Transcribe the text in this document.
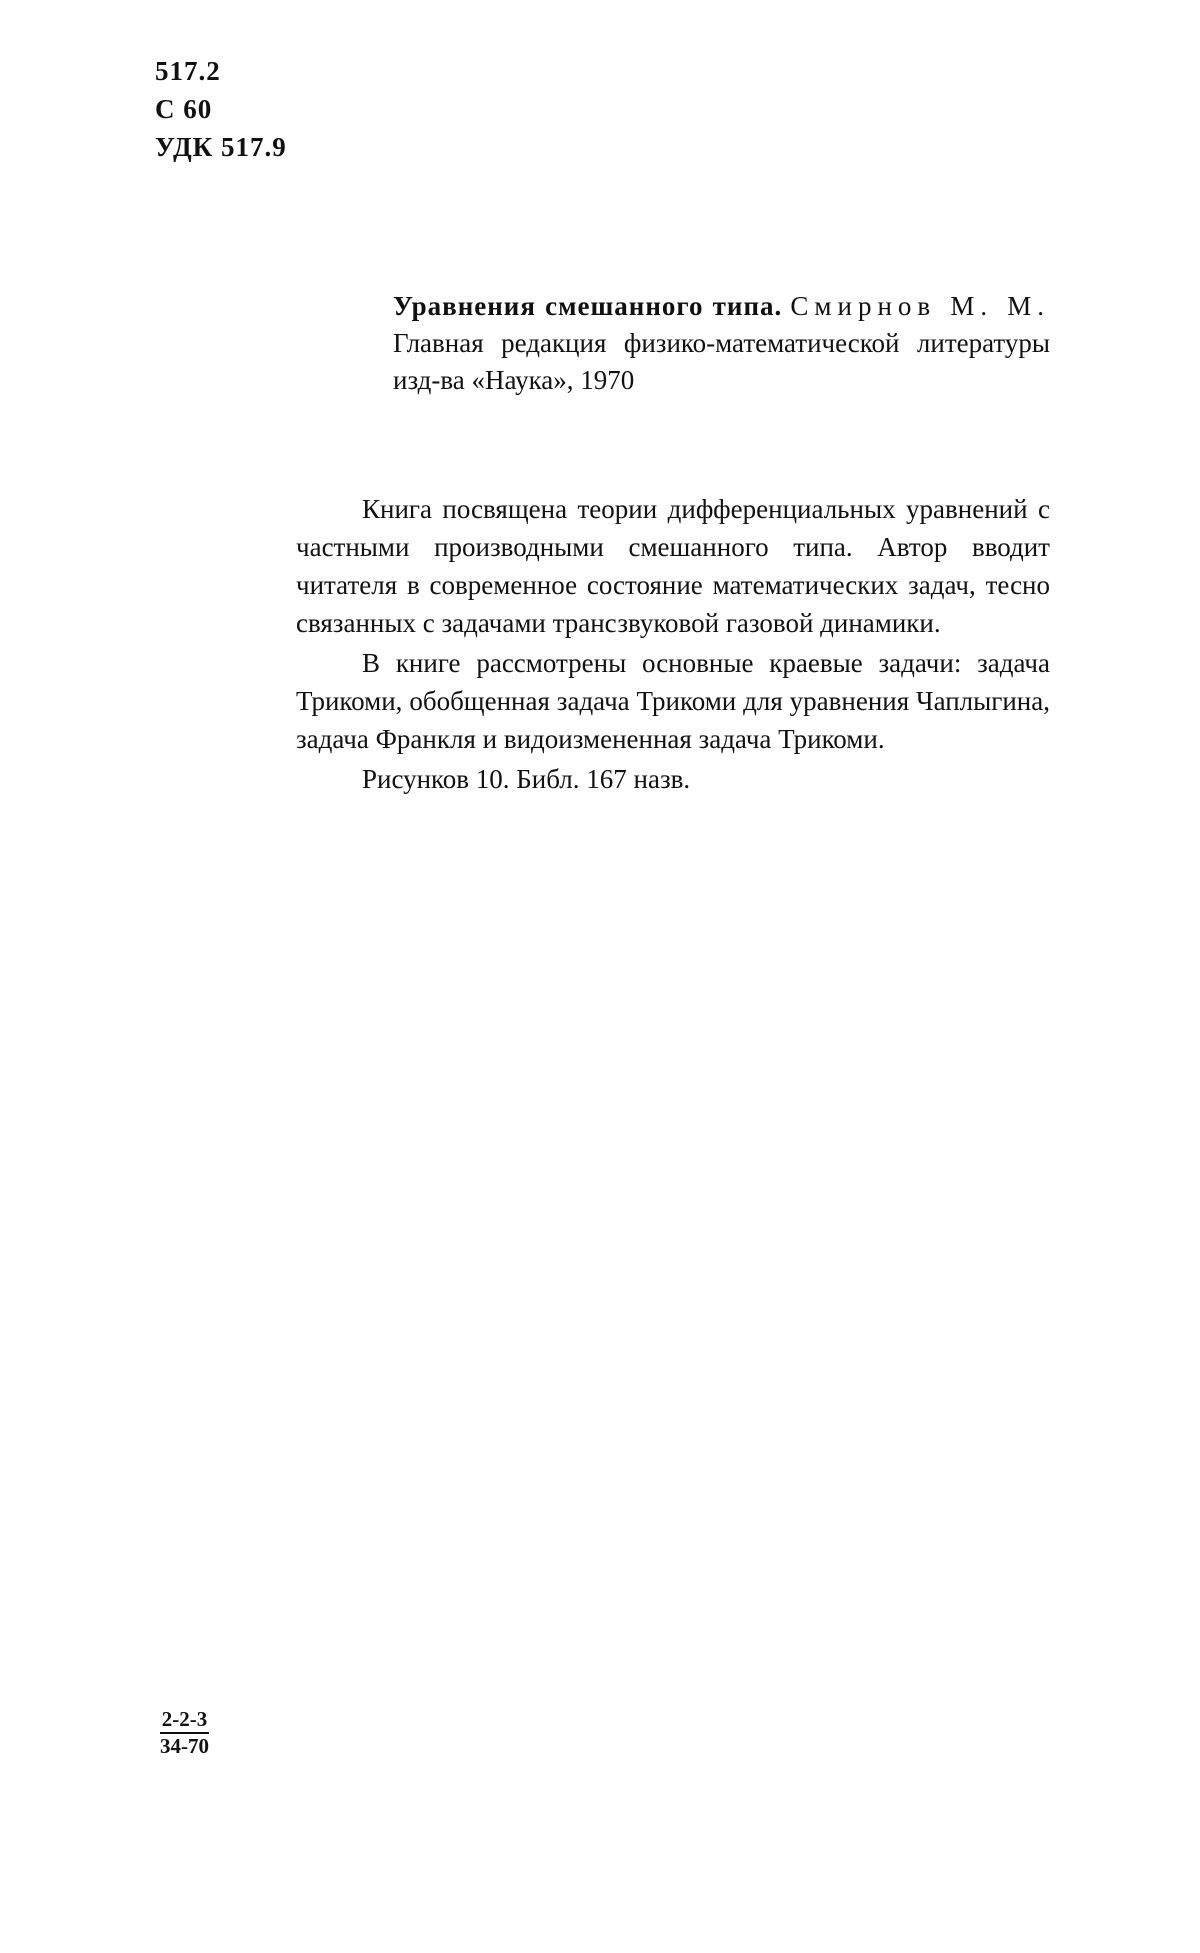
517.2
С 60
УДК 517.9
Уравнения смешанного типа. Смирнов М. М. Главная редакция физико-математической литературы изд-ва «Наука», 1970

Книга посвящена теории дифференциальных уравнений с частными производными смешанного типа. Автор вводит читателя в современное состояние математических задач, тесно связанных с задачами трансзвуковой газовой динамики.

В книге рассмотрены основные краевые задачи: задача Трикоми, обобщенная задача Трикоми для уравнения Чаплыгина, задача Франкля и видоизмененная задача Трикоми.

Рисунков 10. Библ. 167 назв.

$\frac{2-2-3}{34-70}$
